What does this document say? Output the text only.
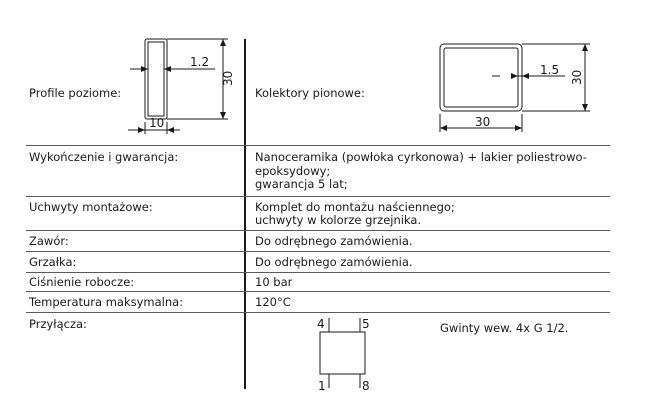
Profile poziome:	Kolektory pionowe:
1.2
30
10
1.5 30
30
Wykończenie i gwarancja:	Nanoceramika (powłoka cyrkonowa) + lakier poliestrowo-
epoksydowy;
gwarancja 5 lat;
Uchwyty montażowe:	Komplet do montażu naściennego;
uchwyty w kolorze grzejnika.
Zawór:	Do odrębnego zamówienia.
Grzałka:	Do odrębnego zamówienia.
Ciśnienie robocze:	10 bar
Temperatura maksymalna:	120°C
Przyłącza:	Gwinty wew. 4x G 1/2.
4	5
1	8
